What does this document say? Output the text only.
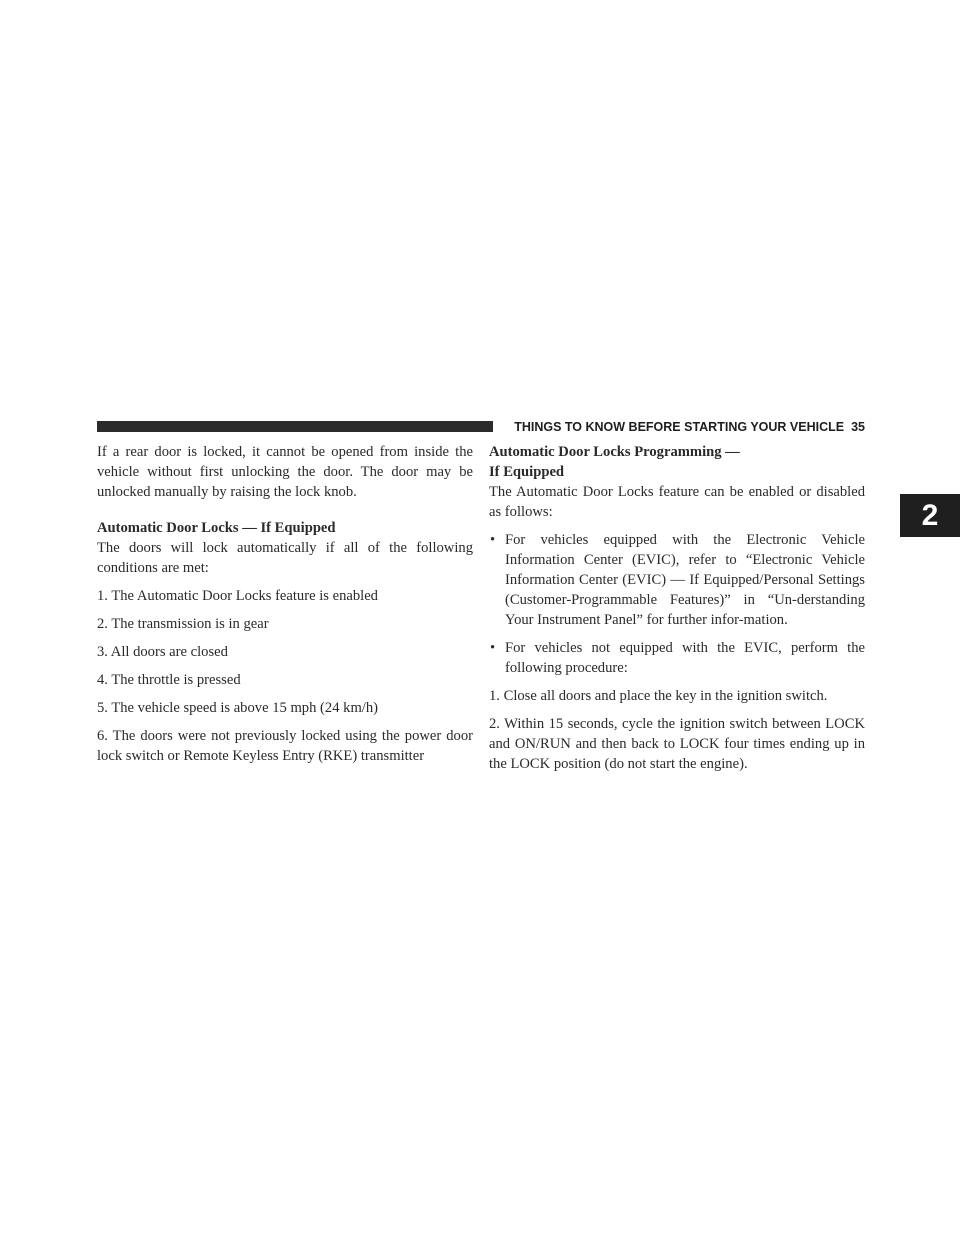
THINGS TO KNOW BEFORE STARTING YOUR VEHICLE 35
2

If a rear door is locked, it cannot be opened from inside the vehicle without first unlocking the door. The door may be unlocked manually by raising the lock knob.

Automatic Door Locks — If Equipped

The doors will lock automatically if all of the following conditions are met:

1. The Automatic Door Locks feature is enabled
2. The transmission is in gear
3. All doors are closed
4. The throttle is pressed
5. The vehicle speed is above 15 mph (24 km/h)

6. The doors were not previously locked using the power door lock switch or Remote Keyless Entry (RKE) transmitter

Automatic Door Locks Programming —
If Equipped

The Automatic Door Locks feature can be enabled or disabled as follows:

• For vehicles equipped with the Electronic Vehicle Information Center (EVIC), refer to “Electronic Vehicle Information Center (EVIC) — If Equipped/Personal Settings (Customer-Programmable Features)” in “Un-derstanding Your Instrument Panel” for further infor-mation.
• For vehicles not equipped with the EVIC, perform the following procedure:

1. Close all doors and place the key in the ignition switch.

2. Within 15 seconds, cycle the ignition switch between LOCK and ON/RUN and then back to LOCK four times ending up in the LOCK position (do not start the engine).
